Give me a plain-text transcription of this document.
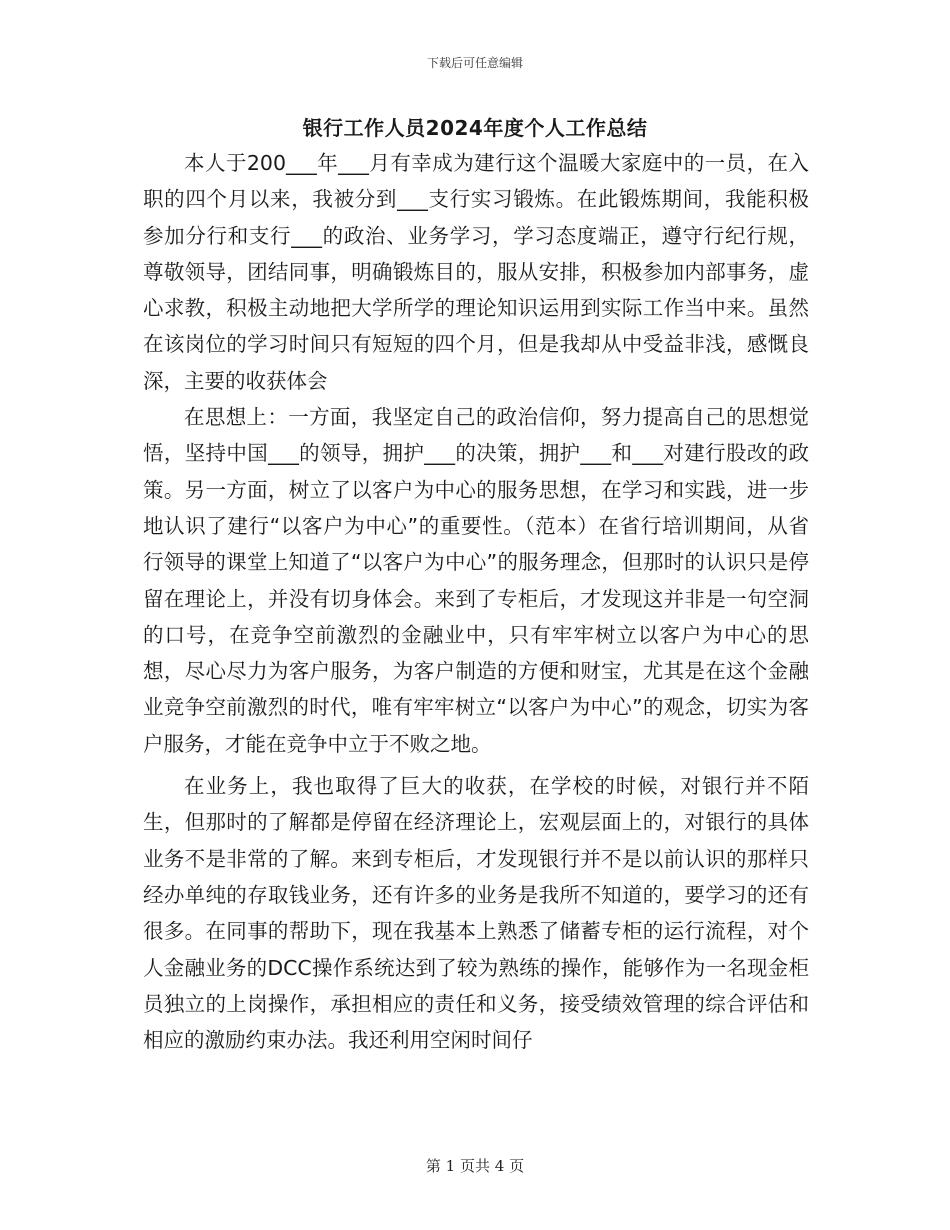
下载后可任意编辑
银行工作人员2024年度个人工作总结

本人于200___年___月有幸成为建行这个温暖大家庭中的一员，在入职的四个月以来，我被分到___支行实习锻炼。在此锻炼期间，我能积极参加分行和支行___的政治、业务学习，学习态度端正，遵守行纪行规，尊敬领导，团结同事，明确锻炼目的，服从安排，积极参加内部事务，虚心求教，积极主动地把大学所学的理论知识运用到实际工作当中来。虽然在该岗位的学习时间只有短短的四个月，但是我却从中受益非浅，感慨良深，主要的收获体会

在思想上：一方面，我坚定自己的政治信仰，努力提高自己的思想觉悟，坚持中国___的领导，拥护___的决策，拥护___和___对建行股改的政策。另一方面，树立了以客户为中心的服务思想，在学习和实践，进一步地认识了建行“以客户为中心”的重要性。（范本）在省行培训期间，从省行领导的课堂上知道了“以客户为中心”的服务理念，但那时的认识只是停留在理论上，并没有切身体会。来到了专柜后，才发现这并非是一句空洞的口号，在竞争空前激烈的金融业中，只有牢牢树立以客户为中心的思想，尽心尽力为客户服务，为客户制造的方便和财宝，尤其是在这个金融业竞争空前激烈的时代，唯有牢牢树立“以客户为中心”的观念，切实为客户服务，才能在竞争中立于不败之地。

在业务上，我也取得了巨大的收获，在学校的时候，对银行并不陌生，但那时的了解都是停留在经济理论上，宏观层面上的，对银行的具体业务不是非常的了解。来到专柜后，才发现银行并不是以前认识的那样只经办单纯的存取钱业务，还有许多的业务是我所不知道的，要学习的还有很多。在同事的帮助下，现在我基本上熟悉了储蓄专柜的运行流程，对个人金融业务的DCC操作系统达到了较为熟练的操作，能够作为一名现金柜员独立的上岗操作，承担相应的责任和义务，接受绩效管理的综合评估和相应的激励约束办法。我还利用空闲时间仔

第 1 页共 4 页
